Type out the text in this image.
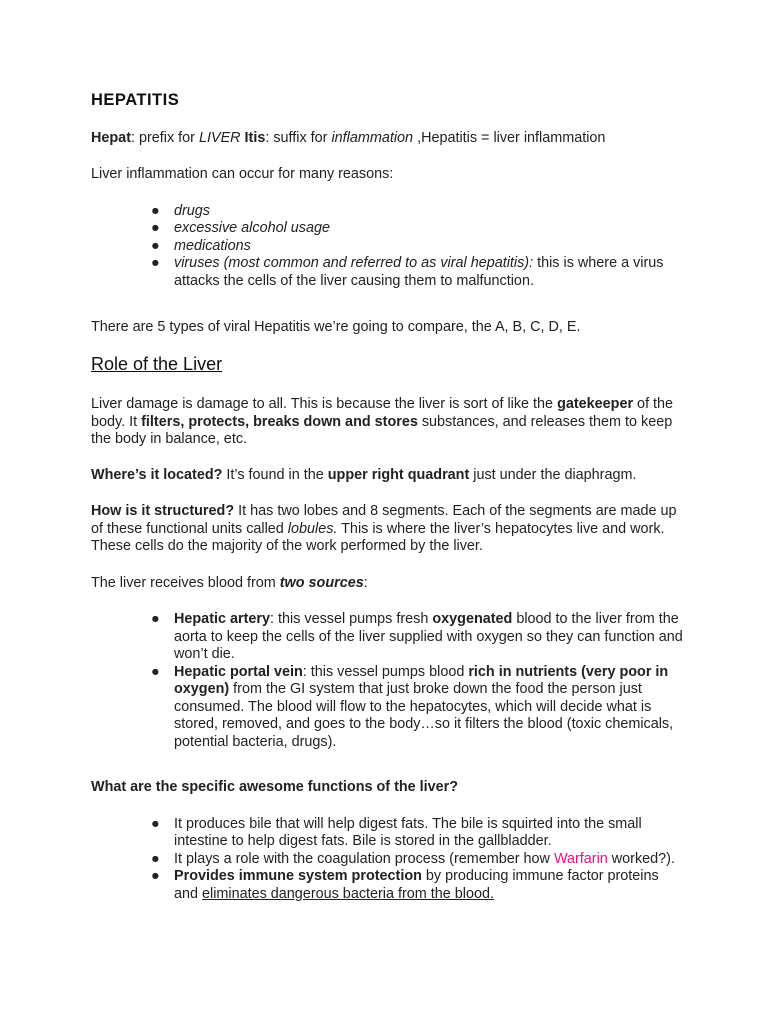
HEPATITIS

Hepat: prefix for LIVER Itis: suffix for inflammation ,Hepatitis = liver inflammation

Liver inflammation can occur for many reasons:

● drugs
● excessive alcohol usage
● medications
● viruses (most common and referred to as viral hepatitis): this is where a virus attacks the cells of the liver causing them to malfunction.

There are 5 types of viral Hepatitis we’re going to compare, the A, B, C, D, E.

Role of the Liver

Liver damage is damage to all. This is because the liver is sort of like the gatekeeper of the body. It filters, protects, breaks down and stores substances, and releases them to keep the body in balance, etc.

Where’s it located? It’s found in the upper right quadrant just under the diaphragm.

How is it structured? It has two lobes and 8 segments. Each of the segments are made up of these functional units called lobules. This is where the liver’s hepatocytes live and work. These cells do the majority of the work performed by the liver.

The liver receives blood from two sources:

● Hepatic artery: this vessel pumps fresh oxygenated blood to the liver from the aorta to keep the cells of the liver supplied with oxygen so they can function and won’t die.
● Hepatic portal vein: this vessel pumps blood rich in nutrients (very poor in oxygen) from the GI system that just broke down the food the person just consumed. The blood will flow to the hepatocytes, which will decide what is stored, removed, and goes to the body…so it filters the blood (toxic chemicals, potential bacteria, drugs).

What are the specific awesome functions of the liver?

● It produces bile that will help digest fats. The bile is squirted into the small intestine to help digest fats. Bile is stored in the gallbladder.
● It plays a role with the coagulation process (remember how Warfarin worked?).
● Provides immune system protection by producing immune factor proteins and eliminates dangerous bacteria from the blood.
